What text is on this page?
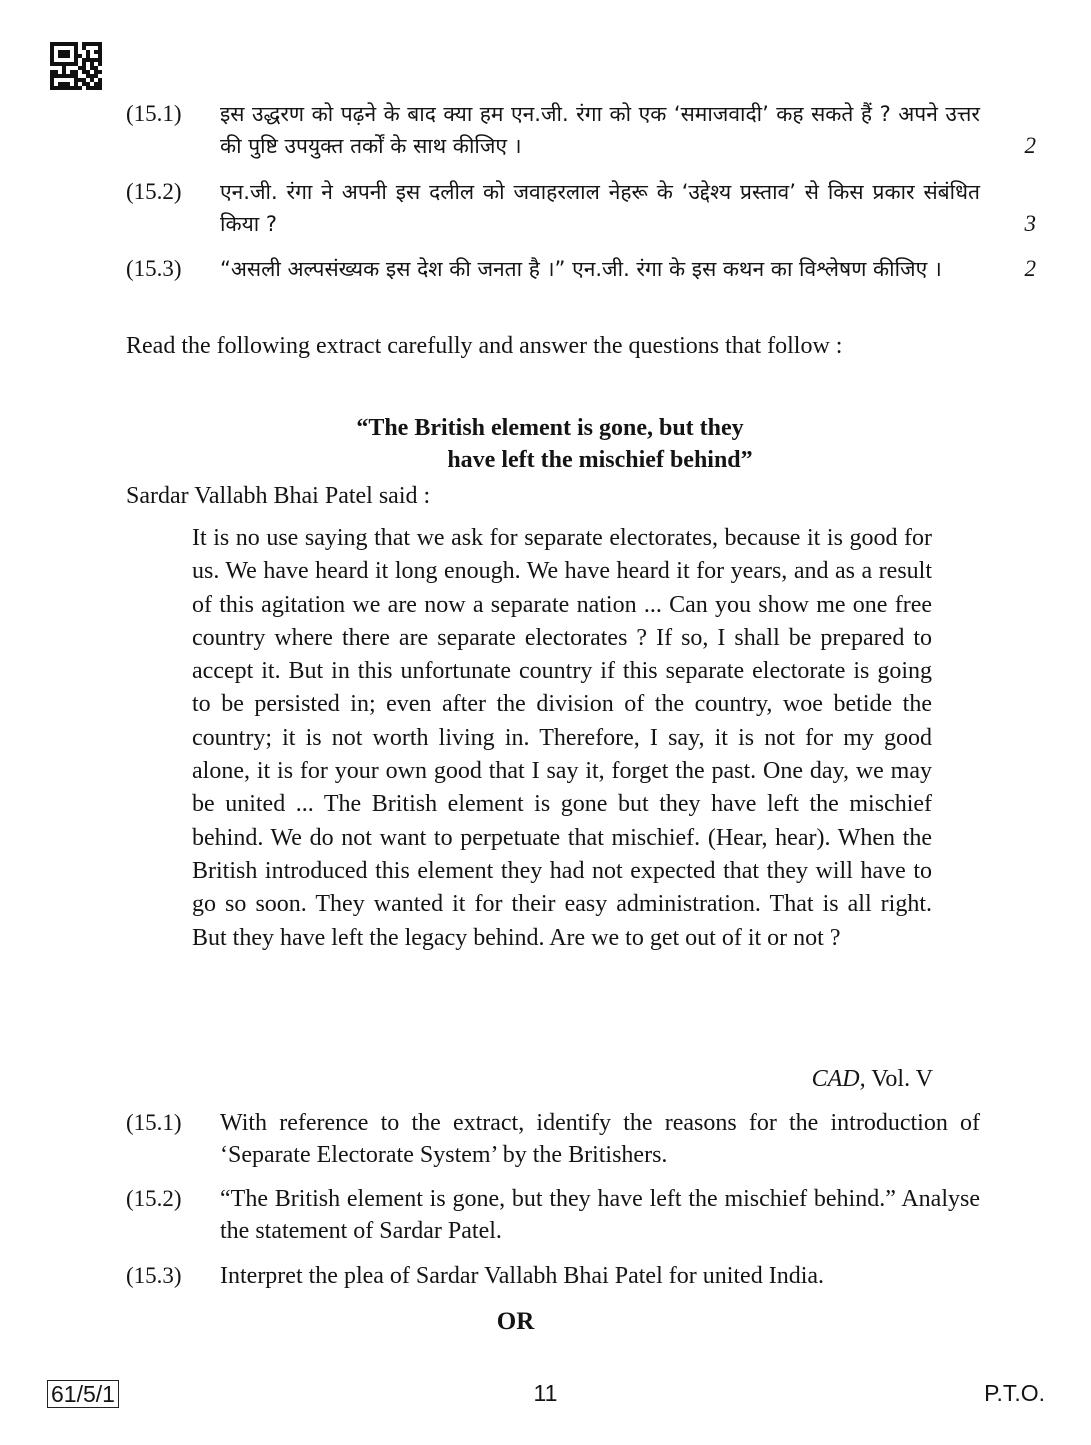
(15.1)	इस उद्धरण को पढ़ने के बाद क्या हम एन.जी. रंगा को एक ‘समाजवादी’ कह सकते हैं ? अपने उत्तर की पुष्टि उपयुक्त तर्कों के साथ कीजिए ।	2
(15.2)	एन.जी. रंगा ने अपनी इस दलील को जवाहरलाल नेहरू के ‘उद्देश्य प्रस्ताव’ से किस प्रकार संबंधित किया ?	3
(15.3)	“असली अल्पसंख्यक इस देश की जनता है ।” एन.जी. रंगा के इस कथन का विश्लेषण कीजिए ।	2
Read the following extract carefully and answer the questions that follow :
“The British element is gone, but they
have left the mischief behind”
Sardar Vallabh Bhai Patel said :
It is no use saying that we ask for separate electorates, because it is good for us. We have heard it long enough. We have heard it for years, and as a result of this agitation we are now a separate nation ... Can you show me one free country where there are separate electorates ? If so, I shall be prepared to accept it. But in this unfortunate country if this separate electorate is going to be persisted in; even after the division of the country, woe betide the country; it is not worth living in. Therefore, I say, it is not for my good alone, it is for your own good that I say it, forget the past. One day, we may be united ... The British element is gone but they have left the mischief behind. We do not want to perpetuate that mischief. (Hear, hear). When the British introduced this element they had not expected that they will have to go so soon. They wanted it for their easy administration. That is all right. But they have left the legacy behind. Are we to get out of it or not ?
CAD, Vol. V
(15.1)	With reference to the extract, identify the reasons for the introduction of ‘Separate Electorate System’ by the Britishers.
(15.2)	“The British element is gone, but they have left the mischief behind.” Analyse the statement of Sardar Patel.
(15.3)	Interpret the plea of Sardar Vallabh Bhai Patel for united India.
OR
61/5/1	11	P.T.O.
